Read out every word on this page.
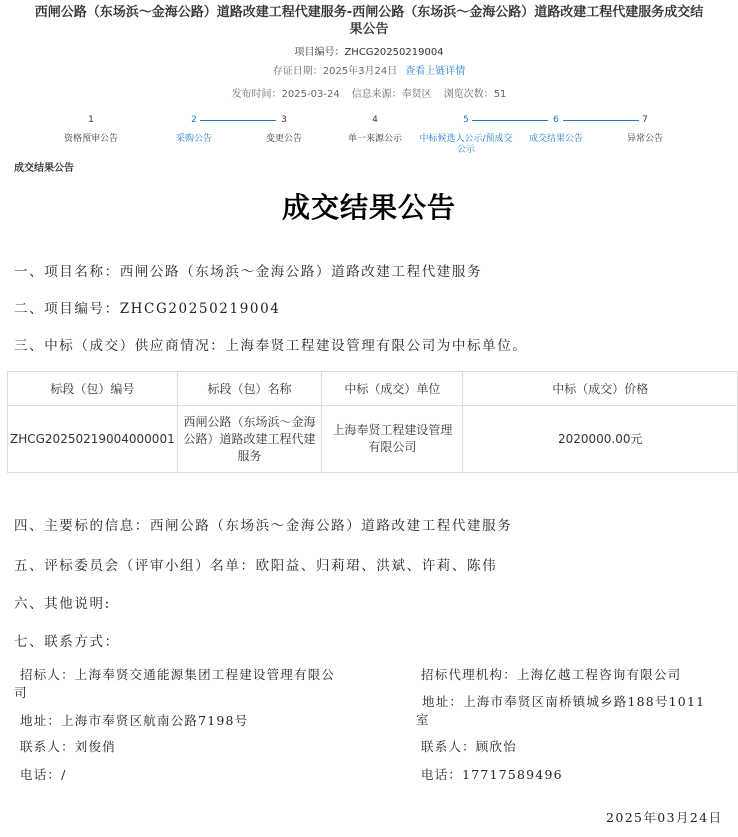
西闸公路（东场浜～金海公路）道路改建工程代建服务-西闸公路（东场浜～金海公路）道路改建工程代建服务成交结果公告
项目编号：ZHCG20250219004
存证日期：2025年3月24日 查看上链详情
发布时间：2025-03-24 信息来源：奉贤区 浏览次数：51
1
资格预审公告
2
采购公告
3
变更公告
4
单一来源公示
5
中标候选人公示/预成交公示
6
成交结果公告
7
异常公告
成交结果公告
成交结果公告
一、项目名称：西闸公路（东场浜～金海公路）道路改建工程代建服务
二、项目编号：ZHCG20250219004
三、中标（成交）供应商情况：上海奉贤工程建设管理有限公司为中标单位。
标段（包）编号	标段（包）名称	中标（成交）单位	中标（成交）价格
ZHCG20250219004000001	西闸公路（东场浜～金海公路）道路改建工程代建服务	上海奉贤工程建设管理有限公司	2020000.00元
四、主要标的信息：西闸公路（东场浜～金海公路）道路改建工程代建服务
五、评标委员会（评审小组）名单：欧阳益、归莉珺、洪斌、许莉、陈伟
六、其他说明:
七、联系方式：
招标人：上海奉贤交通能源集团工程建设管理有限公司
地址：上海市奉贤区航南公路7198号
联系人：刘俊俏
电话：/
招标代理机构：上海亿越工程咨询有限公司
地址：上海市奉贤区南桥镇城乡路188号1011室
联系人：顾欣怡
电话：17717589496
2025年03月24日
